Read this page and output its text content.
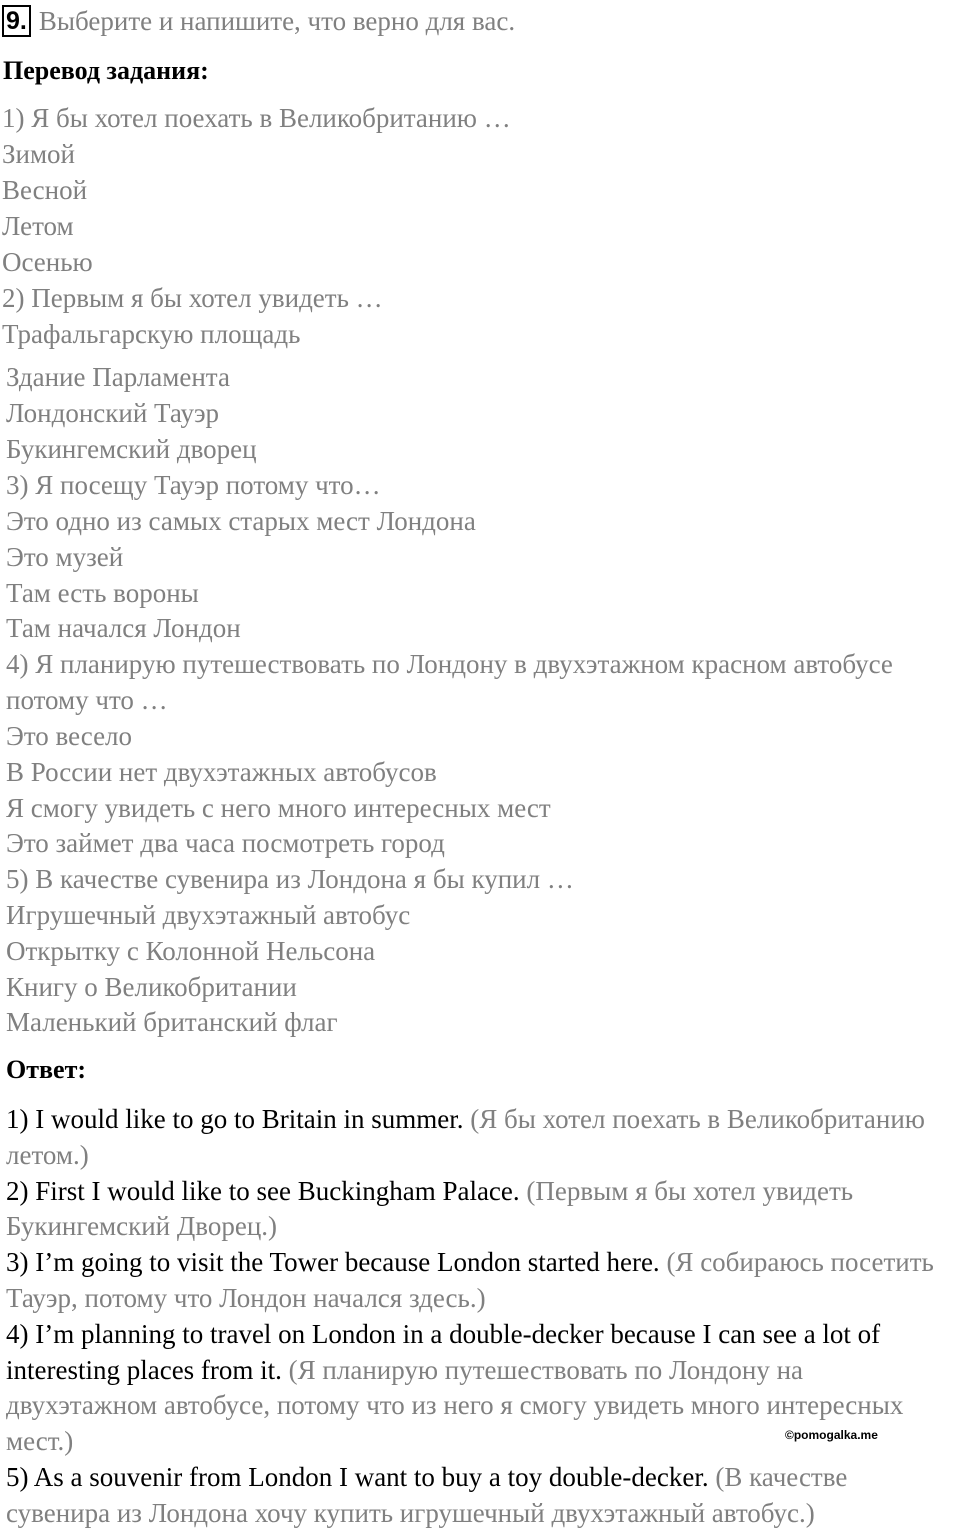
9. Выберите и напишите, что верно для вас.
Перевод задания:
1) Я бы хотел поехать в Великобританию …
Зимой
Весной
Летом
Осенью
2) Первым я бы хотел увидеть …
Трафальгарскую площадь
Здание Парламента
Лондонский Тауэр
Букингемский дворец
3) Я посещу Тауэр потому что…
Это одно из самых старых мест Лондона
Это музей
Там есть вороны
Там начался Лондон
4) Я планирую путешествовать по Лондону в двухэтажном красном автобусе
потому что …
Это весело
В России нет двухэтажных автобусов
Я смогу увидеть с него много интересных мест
Это займет два часа посмотреть город
5) В качестве сувенира из Лондона я бы купил …
Игрушечный двухэтажный автобус
Открытку с Колонной Нельсона
Книгу о Великобритании
Маленький британский флаг
Ответ:
1) I would like to go to Britain in summer. (Я бы хотел поехать в Великобританию летом.)
2) First I would like to see Buckingham Palace. (Первым я бы хотел увидеть Букингемский Дворец.)
3) I’m going to visit the Tower because London started here. (Я собираюсь посетить Тауэр, потому что Лондон начался здесь.)
4) I’m planning to travel on London in a double-decker because I can see a lot of interesting places from it. (Я планирую путешествовать по Лондону на двухэтажном автобусе, потому что из него я смогу увидеть много интересных мест.)
5) As a souvenir from London I want to buy a toy double-decker. (В качестве сувенира из Лондона хочу купить игрушечный двухэтажный автобус.)
©pomogalka.me
